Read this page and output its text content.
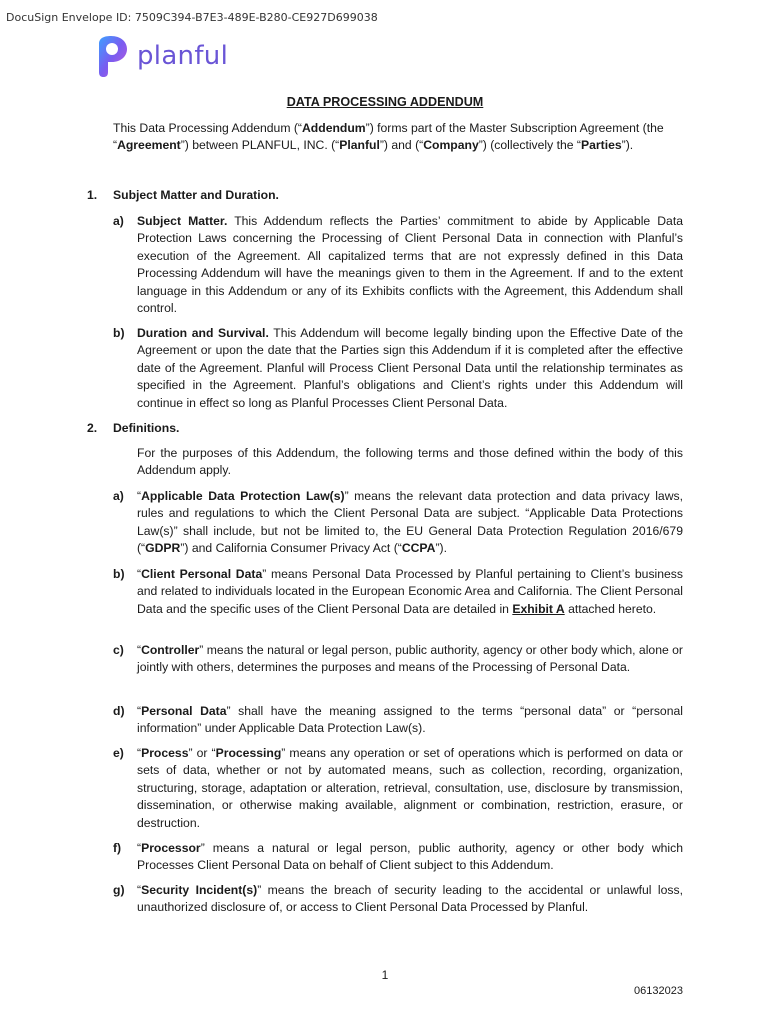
DocuSign Envelope ID: 7509C394-B7E3-489E-B280-CE927D699038
planful
DATA PROCESSING ADDENDUM
This Data Processing Addendum (“Addendum”) forms part of the Master Subscription Agreement (the “Agreement”) between PLANFUL, INC. (“Planful”) and (“Company”) (collectively the “Parties”).
1. Subject Matter and Duration.
a) Subject Matter. This Addendum reflects the Parties’ commitment to abide by Applicable Data Protection Laws concerning the Processing of Client Personal Data in connection with Planful’s execution of the Agreement. All capitalized terms that are not expressly defined in this Data Processing Addendum will have the meanings given to them in the Agreement. If and to the extent language in this Addendum or any of its Exhibits conflicts with the Agreement, this Addendum shall control.
b) Duration and Survival. This Addendum will become legally binding upon the Effective Date of the Agreement or upon the date that the Parties sign this Addendum if it is completed after the effective date of the Agreement. Planful will Process Client Personal Data until the relationship terminates as specified in the Agreement. Planful’s obligations and Client’s rights under this Addendum will continue in effect so long as Planful Processes Client Personal Data.
2. Definitions.
For the purposes of this Addendum, the following terms and those defined within the body of this Addendum apply.
a) “Applicable Data Protection Law(s)” means the relevant data protection and data privacy laws, rules and regulations to which the Client Personal Data are subject. “Applicable Data Protections Law(s)” shall include, but not be limited to, the EU General Data Protection Regulation 2016/679 (“GDPR”) and California Consumer Privacy Act (“CCPA”).
b) “Client Personal Data” means Personal Data Processed by Planful pertaining to Client’s business and related to individuals located in the European Economic Area and California. The Client Personal Data and the specific uses of the Client Personal Data are detailed in Exhibit A attached hereto.
c) “Controller” means the natural or legal person, public authority, agency or other body which, alone or jointly with others, determines the purposes and means of the Processing of Personal Data.
d) “Personal Data” shall have the meaning assigned to the terms “personal data” or “personal information” under Applicable Data Protection Law(s).
e) “Process” or “Processing” means any operation or set of operations which is performed on data or sets of data, whether or not by automated means, such as collection, recording, organization, structuring, storage, adaptation or alteration, retrieval, consultation, use, disclosure by transmission, dissemination, or otherwise making available, alignment or combination, restriction, erasure, or destruction.
f) “Processor” means a natural or legal person, public authority, agency or other body which Processes Client Personal Data on behalf of Client subject to this Addendum.
g) “Security Incident(s)” means the breach of security leading to the accidental or unlawful loss, unauthorized disclosure of, or access to Client Personal Data Processed by Planful.
1
06132023
